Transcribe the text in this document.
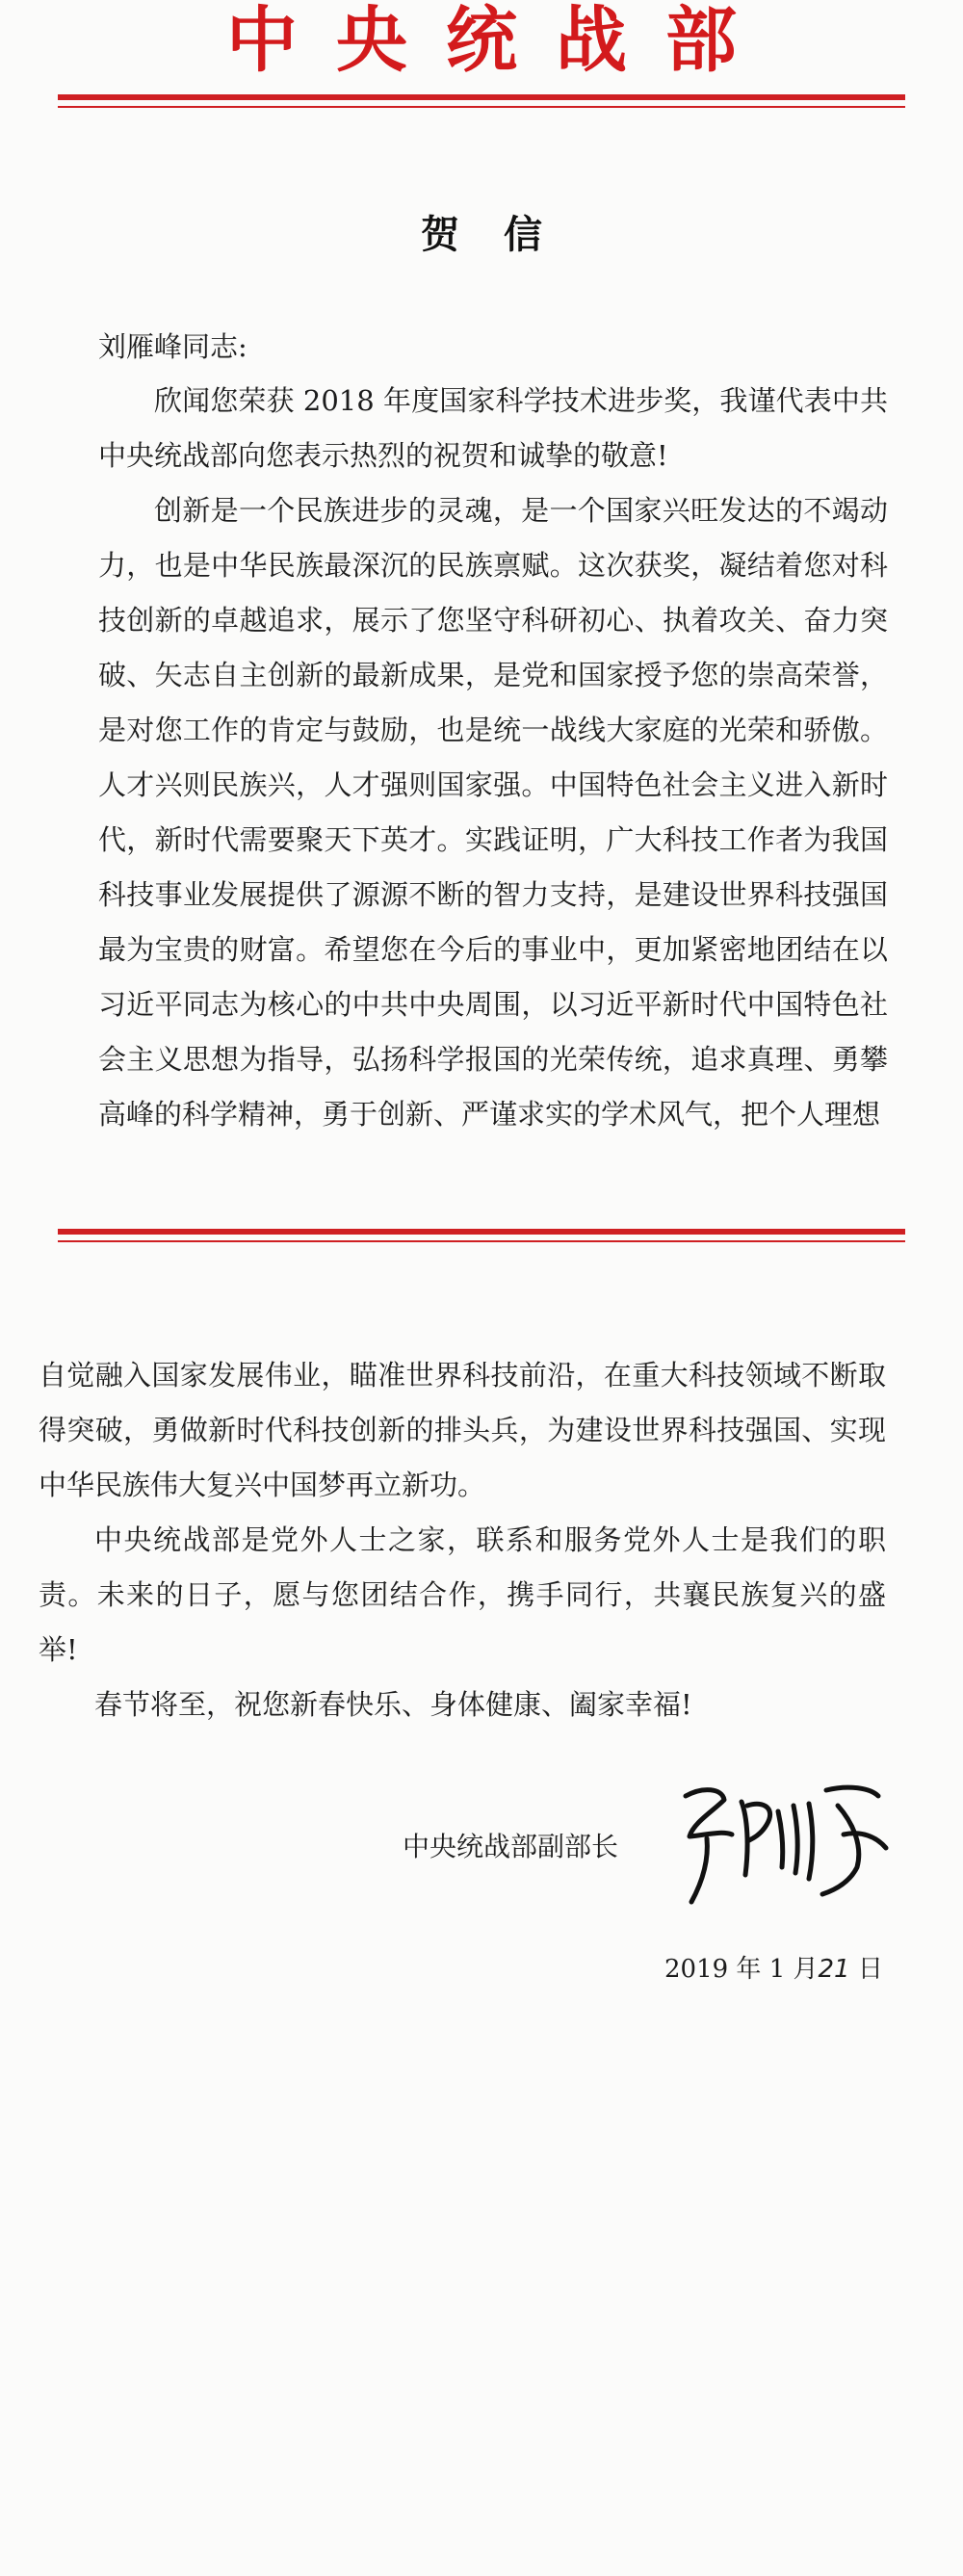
中央统战部
贺信
刘雁峰同志:

欣闻您荣获 2018 年度国家科学技术进步奖，我谨代表中共中央统战部向您表示热烈的祝贺和诚挚的敬意!

创新是一个民族进步的灵魂，是一个国家兴旺发达的不竭动力，也是中华民族最深沉的民族禀赋。这次获奖，凝结着您对科技创新的卓越追求，展示了您坚守科研初心、执着攻关、奋力突破、矢志自主创新的最新成果，是党和国家授予您的崇高荣誉，是对您工作的肯定与鼓励，也是统一战线大家庭的光荣和骄傲。人才兴则民族兴，人才强则国家强。中国特色社会主义进入新时代，新时代需要聚天下英才。实践证明，广大科技工作者为我国科技事业发展提供了源源不断的智力支持，是建设世界科技强国最为宝贵的财富。希望您在今后的事业中，更加紧密地团结在以习近平同志为核心的中共中央周围，以习近平新时代中国特色社会主义思想为指导，弘扬科学报国的光荣传统，追求真理、勇攀高峰的科学精神，勇于创新、严谨求实的学术风气，把个人理想

自觉融入国家发展伟业，瞄准世界科技前沿，在重大科技领域不断取得突破，勇做新时代科技创新的排头兵，为建设世界科技强国、实现中华民族伟大复兴中国梦再立新功。

中央统战部是党外人士之家，联系和服务党外人士是我们的职责。未来的日子，愿与您团结合作，携手同行，共襄民族复兴的盛举!

春节将至，祝您新春快乐、身体健康、阖家幸福!

中央统战部副部长
2019 年 1 月21 日
